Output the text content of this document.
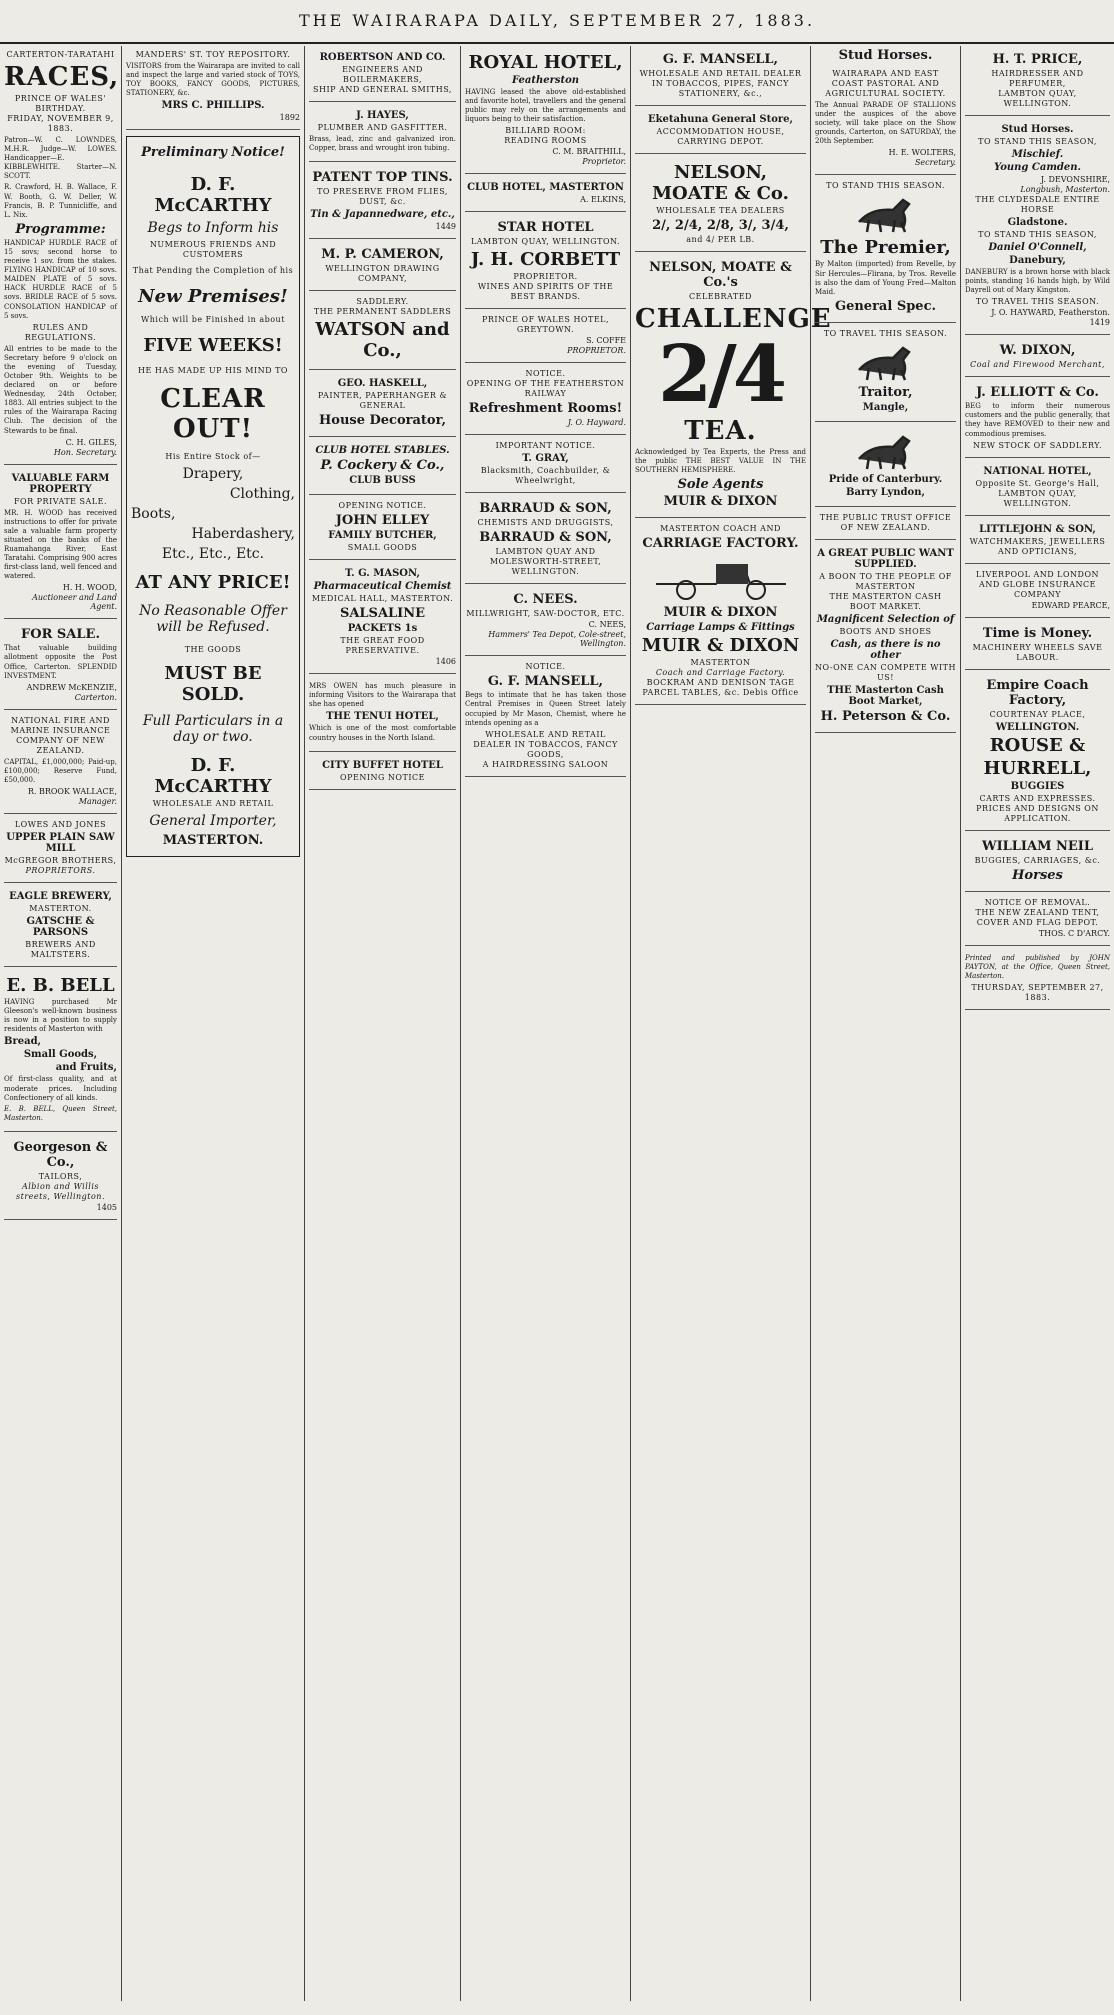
THE WAIRARAPA DAILY, SEPTEMBER 27, 1883.
CARTERTON-TARATAHI
RACES,
PRINCE OF WALES' BIRTHDAY.
FRIDAY, NOVEMBER 9, 1883.
Patron—W. C. LOWNDES, M.H.R. Judge—W. LOWES. Handicapper—E. KIBBLEWHITE. Starter—N. SCOTT.
R. Crawford, H. B. Wallace, F. W. Booth, G. W. Deller, W. Francis, B. P. Tunnicliffe, and L. Nix.
Programme:
HANDICAP HURDLE RACE of 15 sovs; second horse to receive 1 sov. from the stakes. FLYING HANDICAP of 10 sovs. MAIDEN PLATE of 5 sovs. HACK HURDLE RACE of 5 sovs. BRIDLE RACE of 5 sovs. CONSOLATION HANDICAP of 5 sovs.
RULES AND REGULATIONS.
All entries to be made to the Secretary before 9 o'clock on the evening of Tuesday, October 9th. Weights to be declared on or before Wednesday, 24th October, 1883. All entries subject to the rules of the Wairarapa Racing Club. The decision of the Stewards to be final.
C. H. GILES,
Hon. Secretary.
VALUABLE FARM PROPERTY
FOR PRIVATE SALE.
MR. H. WOOD has received instructions to offer for private sale a valuable farm property situated on the banks of the Ruamahanga River, East Taratahi. Comprising 900 acres first-class land, well fenced and watered.
H. H. WOOD,
Auctioneer and Land Agent.
FOR SALE.
That valuable building allotment opposite the Post Office, Carterton. SPLENDID INVESTMENT.
ANDREW McKENZIE,
Carterton.
NATIONAL FIRE AND MARINE INSURANCE COMPANY OF NEW ZEALAND.
CAPITAL, £1,000,000; Paid-up, £100,000; Reserve Fund, £50,000.
R. BROOK WALLACE,
Manager.
LOWES AND JONES
UPPER PLAIN SAW MILL
McGREGOR BROTHERS,
PROPRIETORS.
EAGLE BREWERY,
MASTERTON.
GATSCHE & PARSONS
BREWERS AND MALTSTERS.
E. B. BELL
HAVING purchased Mr Gleeson's well-known business is now in a position to supply residents of Masterton with
Bread,
Small Goods,
and Fruits,
Of first-class quality, and at moderate prices. Including Confectionery of all kinds.
E. B. BELL, Queen Street, Masterton.
Georgeson & Co.,
TAILORS,
Albion and Willis streets, Wellington.
1405
MANDERS' ST. TOY REPOSITORY.
VISITORS from the Wairarapa are invited to call and inspect the large and varied stock of TOYS, TOY BOOKS, FANCY GOODS, PICTURES, STATIONERY, &c.
MRS C. PHILLIPS.
1892
Preliminary Notice!
D. F. McCARTHY
Begs to Inform his
NUMEROUS FRIENDS AND CUSTOMERS
That Pending the Completion of his
New Premises!
Which will be Finished in about
FIVE WEEKS!
HE HAS MADE UP HIS MIND TO
CLEAR OUT!
His Entire Stock of—
Drapery,
Clothing,
Boots,
Haberdashery,
Etc., Etc., Etc.
AT ANY PRICE!
No Reasonable Offer will be Refused.
THE GOODS
MUST BE SOLD.
Full Particulars in a day or two.
D. F. McCARTHY
WHOLESALE AND RETAIL
General Importer,
MASTERTON.
ROBERTSON AND CO.
ENGINEERS AND BOILERMAKERS,
SHIP AND GENERAL SMITHS,
J. HAYES,
PLUMBER AND GASFITTER.
Brass, lead, zinc and galvanized iron. Copper, brass and wrought iron tubing.
PATENT TOP TINS.
TO PRESERVE FROM FLIES, DUST, &c.
Tin & Japannedware, etc.,
1449
M. P. CAMERON,
WELLINGTON DRAWING COMPANY,
SADDLERY.
THE PERMANENT SADDLERS
WATSON and Co.,
GEO. HASKELL,
PAINTER, PAPERHANGER & GENERAL
House Decorator,
CLUB HOTEL STABLES.
P. Cockery & Co.,
CLUB BUSS
OPENING NOTICE.
JOHN ELLEY
FAMILY BUTCHER,
SMALL GOODS
T. G. MASON,
Pharmaceutical Chemist
MEDICAL HALL, MASTERTON.
SALSALINE
PACKETS 1s
THE GREAT FOOD PRESERVATIVE.
1406
MRS OWEN has much pleasure in informing Visitors to the Wairarapa that she has opened
THE TENUI HOTEL,
Which is one of the most comfortable country houses in the North Island.
CITY BUFFET HOTEL
OPENING NOTICE
ROYAL HOTEL,
Featherston
HAVING leased the above old-established and favorite hotel, travellers and the general public may rely on the arrangements and liquors being to their satisfaction.
BILLIARD ROOM:
READING ROOMS
C. M. BRAITHILL,
Proprietor.
CLUB HOTEL, MASTERTON
A. ELKINS,
STAR HOTEL
LAMBTON QUAY, WELLINGTON.
J. H. CORBETT
PROPRIETOR.
WINES AND SPIRITS OF THE BEST BRANDS.
PRINCE OF WALES HOTEL,
GREYTOWN.
S. COFFE
PROPRIETOR.
NOTICE.
OPENING OF THE FEATHERSTON RAILWAY
Refreshment Rooms!
J. O. Hayward.
IMPORTANT NOTICE.
T. GRAY,
Blacksmith, Coachbuilder, & Wheelwright,
BARRAUD & SON,
CHEMISTS AND DRUGGISTS,
BARRAUD & SON,
LAMBTON QUAY AND MOLESWORTH-STREET, WELLINGTON.
C. NEES.
MILLWRIGHT, SAW-DOCTOR, ETC.
C. NEES,
Hammers' Tea Depot, Cole-street, Wellington.
NOTICE.
G. F. MANSELL,
Begs to intimate that he has taken those Central Premises in Queen Street lately occupied by Mr Mason, Chemist, where he intends opening as a
WHOLESALE AND RETAIL DEALER IN TOBACCOS, FANCY GOODS,
A HAIRDRESSING SALOON
G. F. MANSELL,
WHOLESALE AND RETAIL DEALER IN TOBACCOS, PIPES, FANCY STATIONERY, &c.,
Eketahuna General Store,
ACCOMMODATION HOUSE,
CARRYING DEPOT.
NELSON, MOATE & Co.
WHOLESALE TEA DEALERS
2/, 2/4, 2/8, 3/, 3/4,
and 4/ PER LB.
NELSON, MOATE & Co.'s
CELEBRATED
CHALLENGE
2/4
TEA.
Acknowledged by Tea Experts, the Press and the public THE BEST VALUE IN THE SOUTHERN HEMISPHERE.
Sole Agents
MUIR & DIXON
MASTERTON COACH AND
CARRIAGE FACTORY.
MUIR & DIXON
Carriage Lamps & Fittings
MUIR & DIXON
MASTERTON
Coach and Carriage Factory.
BOCKRAM AND DENISON TAGE
PARCEL TABLES, &c. Debis Office
Stud Horses.
WAIRARAPA AND EAST COAST PASTORAL AND AGRICULTURAL SOCIETY.
The Annual PARADE OF STALLIONS under the auspices of the above society, will take place on the Show grounds, Carterton, on SATURDAY, the 20th September.
H. E. WOLTERS,
Secretary.
TO STAND THIS SEASON.
The Premier,
By Malton (imported) from Revelle, by Sir Hercules—Flirana, by Tros. Revelle is also the dam of Young Fred—Malton Maid.
General Spec.
TO TRAVEL THIS SEASON.
Traitor,
Mangle,
Pride of Canterbury.
Barry Lyndon,
THE PUBLIC TRUST OFFICE OF NEW ZEALAND.
A GREAT PUBLIC WANT SUPPLIED.
A BOON TO THE PEOPLE OF MASTERTON
THE MASTERTON CASH BOOT MARKET.
Magnificent Selection of
BOOTS AND SHOES
Cash, as there is no other
NO-ONE CAN COMPETE WITH US!
THE Masterton Cash Boot Market,
H. Peterson & Co.
H. T. PRICE,
HAIRDRESSER AND PERFUMER,
LAMBTON QUAY, WELLINGTON.
Stud Horses.
TO STAND THIS SEASON,
Mischief.
Young Camden.
J. DEVONSHIRE,
Longbush, Masterton.
THE CLYDESDALE ENTIRE HORSE
Gladstone.
TO STAND THIS SEASON,
Daniel O'Connell,
Danebury,
DANEBURY is a brown horse with black points, standing 16 hands high, by Wild Dayrell out of Mary Kingston.
TO TRAVEL THIS SEASON.
J. O. HAYWARD, Featherston.
1419
W. DIXON,
Coal and Firewood Merchant,
J. ELLIOTT & Co.
BEG to inform their numerous customers and the public generally, that they have REMOVED to their new and commodious premises.
NEW STOCK OF SADDLERY.
NATIONAL HOTEL,
Opposite St. George's Hall, LAMBTON QUAY, WELLINGTON.
LITTLEJOHN & SON,
WATCHMAKERS, JEWELLERS AND OPTICIANS,
LIVERPOOL AND LONDON AND GLOBE INSURANCE COMPANY
EDWARD PEARCE,
Time is Money.
MACHINERY WHEELS SAVE LABOUR.
Empire Coach Factory,
COURTENAY PLACE,
WELLINGTON.
ROUSE &
HURRELL,
BUGGIES
CARTS AND EXPRESSES.
PRICES AND DESIGNS ON APPLICATION.
WILLIAM NEIL
BUGGIES, CARRIAGES, &c.
Horses
NOTICE OF REMOVAL.
THE NEW ZEALAND TENT, COVER AND FLAG DEPOT.
THOS. C D'ARCY.
Printed and published by JOHN PAYTON, at the Office, Queen Street, Masterton.
THURSDAY, SEPTEMBER 27, 1883.
